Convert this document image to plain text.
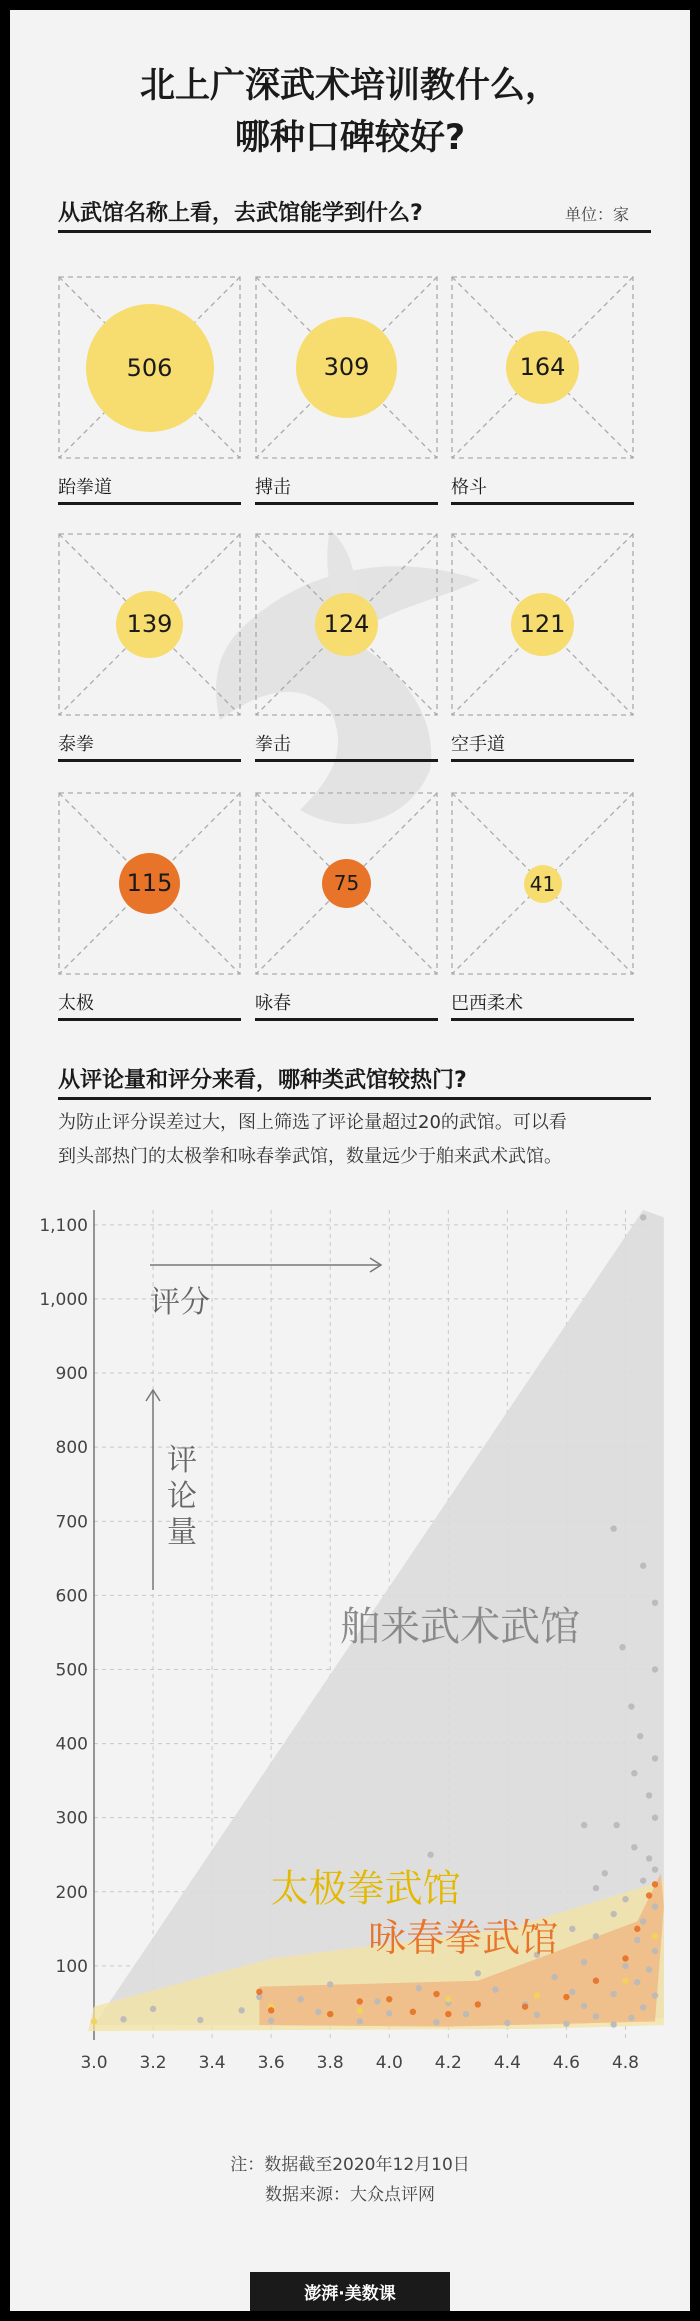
北上广深武术培训教什么，
哪种口碑较好?
从武馆名称上看，去武馆能学到什么?	单位：家
506
跆拳道
309
搏击
164
格斗
139
泰拳
124
拳击
121
空手道
115
太极
75
咏春
41
巴西柔术
从评论量和评分来看，哪种类武馆较热门?
为防止评分误差过大，图上筛选了评论量超过20的武馆。可以看
到头部热门的太极拳和咏春拳武馆，数量远少于舶来武术武馆。
3.0 3.2 3.4 3.6 3.8 4.0 4.2 4.4 4.6 4.8
100
200
300
400
500
600
700
800
900
1,000
1,100
舶来武术武馆
太极拳武馆
咏春拳武馆
评分
评
论
量
注：数据截至2020年12月10日
数据来源：大众点评网
澎湃·美数课
